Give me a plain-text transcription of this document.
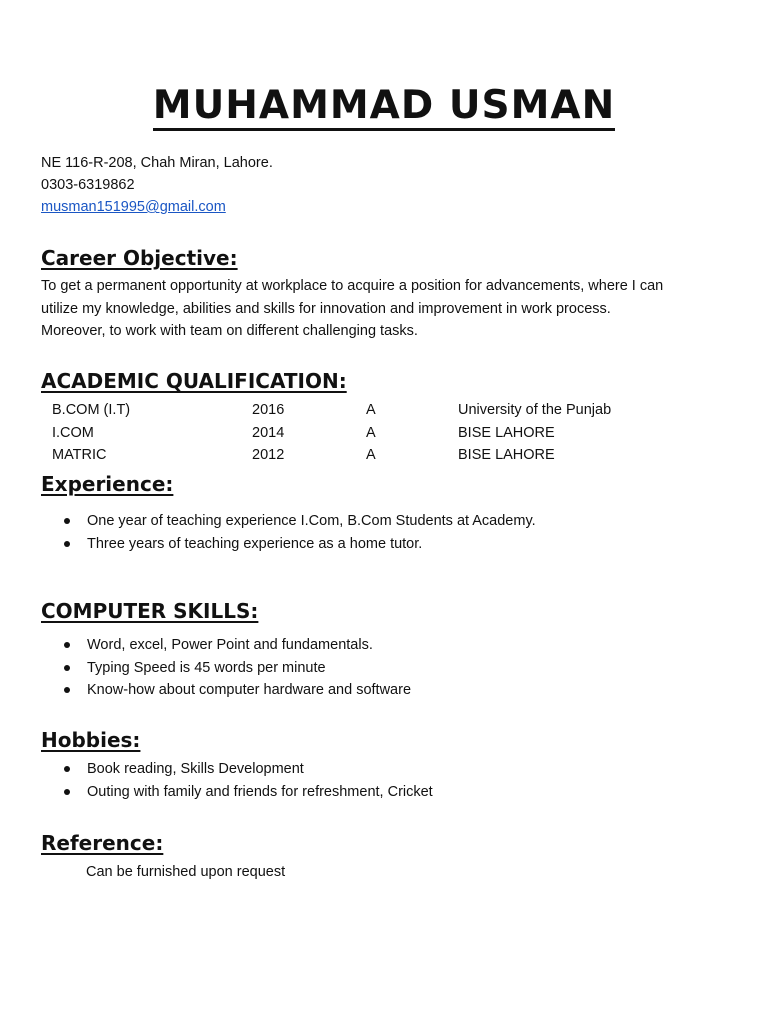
MUHAMMAD USMAN
NE 116-R-208, Chah Miran, Lahore.
0303-6319862
musman151995@gmail.com
Career Objective:
To get a permanent opportunity at workplace to acquire a position for advancements, where I can
utilize my knowledge, abilities and skills for innovation and improvement in work process.
Moreover, to work with team on different challenging tasks.
ACADEMIC QUALIFICATION:
B.COM (I.T)	2016	A	University of the Punjab
I.COM	2014	A	BISE LAHORE
MATRIC	2012	A	BISE LAHORE
Experience:
One year of teaching experience I.Com, B.Com Students at Academy.
Three years of teaching experience as a home tutor.
COMPUTER SKILLS:
Word, excel, Power Point and fundamentals.
Typing Speed is 45 words per minute
Know-how about computer hardware and software
Hobbies:
Book reading, Skills Development
Outing with family and friends for refreshment, Cricket
Reference:
Can be furnished upon request
